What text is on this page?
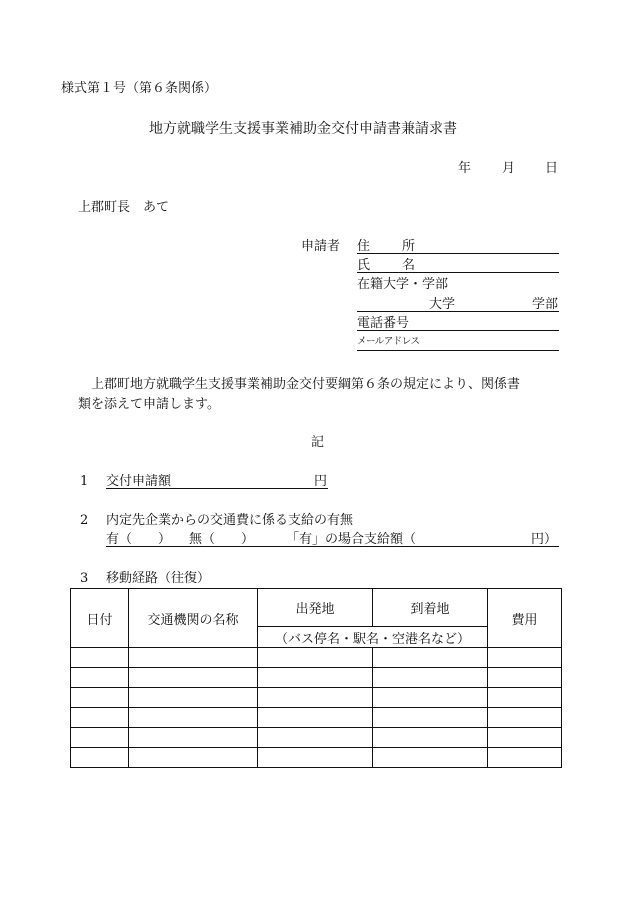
様式第１号（第６条関係）
地方就職学生支援事業補助金交付申請書兼請求書
年 月 日
上郡町長　あて
申請者 住 所
氏 名
在籍大学・学部
大学	学部
電話番号
メールアドレス
上郡町地方就職学生支援事業補助金交付要綱第６条の規定により、関係書
類を添えて申請します。
記
1 交付申請額	円
2 内定先企業からの交通費に係る支給の有無
有（　　） 無（　　） 「有」の場合支給額（	円）
3 移動経路（往復）
日付	交通機関の名称	出発地	到着地	費用
		（バス停名・駅名・空港名など）		
